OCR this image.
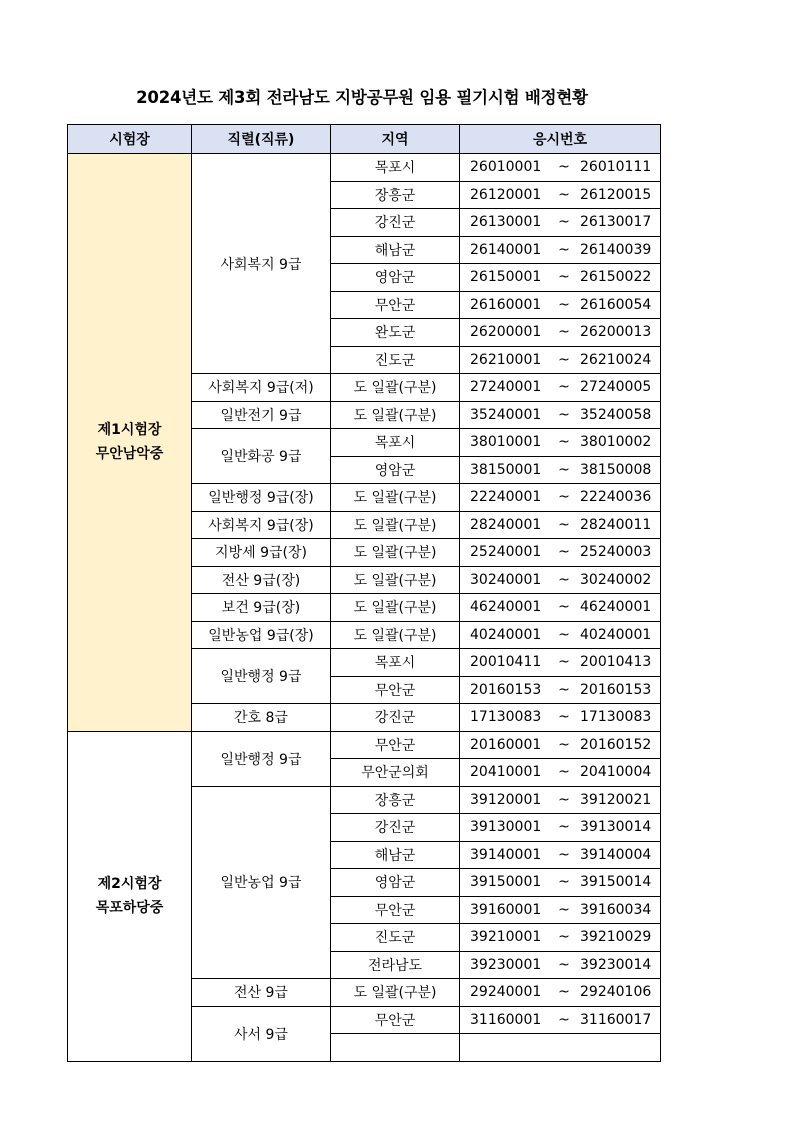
2024년도 제3회 전라남도 지방공무원 임용 필기시험 배정현황
시험장	직렬(직류)	지역	응시번호

제1시험장
무안남악중	사회복지 9급	목포시	26010001 ~ 26010111

		장흥군	26120001 ~ 26120015

		강진군	26130001 ~ 26130017

		해남군	26140001 ~ 26140039

		영암군	26150001 ~ 26150022

		무안군	26160001 ~ 26160054

		완도군	26200001 ~ 26200013

		진도군	26210001 ~ 26210024

	사회복지 9급(저)	도 일괄(구분)	27240001 ~ 27240005

	일반전기 9급	도 일괄(구분)	35240001 ~ 35240058

	일반화공 9급	목포시	38010001 ~ 38010002

		영암군	38150001 ~ 38150008

	일반행정 9급(장)	도 일괄(구분)	22240001 ~ 22240036

	사회복지 9급(장)	도 일괄(구분)	28240001 ~ 28240011

	지방세 9급(장)	도 일괄(구분)	25240001 ~ 25240003

	전산 9급(장)	도 일괄(구분)	30240001 ~ 30240002

	보건 9급(장)	도 일괄(구분)	46240001 ~ 46240001

	일반농업 9급(장)	도 일괄(구분)	40240001 ~ 40240001

	일반행정 9급	목포시	20010411 ~ 20010413

		무안군	20160153 ~ 20160153

	간호 8급	강진군	17130083 ~ 17130083

제2시험장
목포하당중	일반행정 9급	무안군	20160001 ~ 20160152

		무안군의회	20410001 ~ 20410004

	일반농업 9급	장흥군	39120001 ~ 39120021

		강진군	39130001 ~ 39130014

		해남군	39140001 ~ 39140004

		영암군	39150001 ~ 39150014

		무안군	39160001 ~ 39160034

		진도군	39210001 ~ 39210029

		전라남도	39230001 ~ 39230014

	전산 9급	도 일괄(구분)	29240001 ~ 29240106

	사서 9급	무안군	31160001 ~ 31160017
